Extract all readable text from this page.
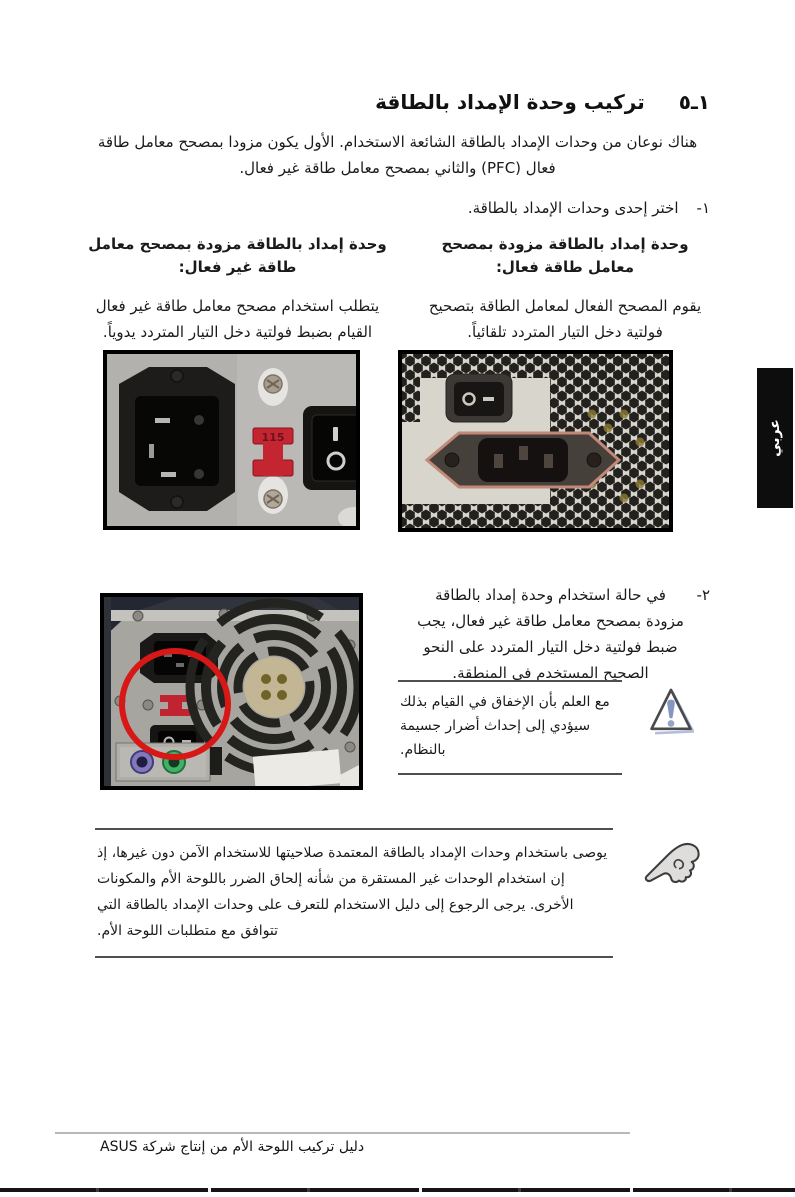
عربي
١ـ٥
تركيب وحدة الإمداد بالطاقة
هناك نوعان من وحدات الإمداد بالطاقة الشائعة الاستخدام. الأول يكون مزودا بمصحح معامل طاقة فعال (PFC) والثاني بمصحح معامل طاقة غير فعال.
١-
اختر إحدى وحدات الإمداد بالطاقة.
وحدة إمداد بالطاقة مزودة بمصحح معامل طاقة فعال:
يقوم المصحح الفعال لمعامل الطاقة بتصحيح فولتية دخل التيار المتردد تلقائياً.
وحدة إمداد بالطاقة مزودة بمصحح معامل طاقة غير فعال:
يتطلب استخدام مصحح معامل طاقة غير فعال القيام بضبط فولتية دخل التيار المتردد يدوياً.
115
٢-
في حالة استخدام وحدة إمداد بالطاقة مزودة بمصحح معامل طاقة غير فعال، يجب ضبط فولتية دخل التيار المتردد على النحو الصحيح المستخدم في المنطقة.
مع العلم بأن الإخفاق في القيام بذلك سيؤدي إلى إحداث أضرار جسيمة بالنظام.
يوصى باستخدام وحدات الإمداد بالطاقة المعتمدة صلاحيتها للاستخدام الآمن دون غيرها، إذ إن استخدام الوحدات غير المستقرة من شأنه إلحاق الضرر باللوحة الأم والمكونات الأخرى. يرجى الرجوع إلى دليل الاستخدام للتعرف على وحدات الإمداد بالطاقة التي تتوافق مع متطلبات اللوحة الأم.
دليل تركيب اللوحة الأم من إنتاج شركة ASUS
